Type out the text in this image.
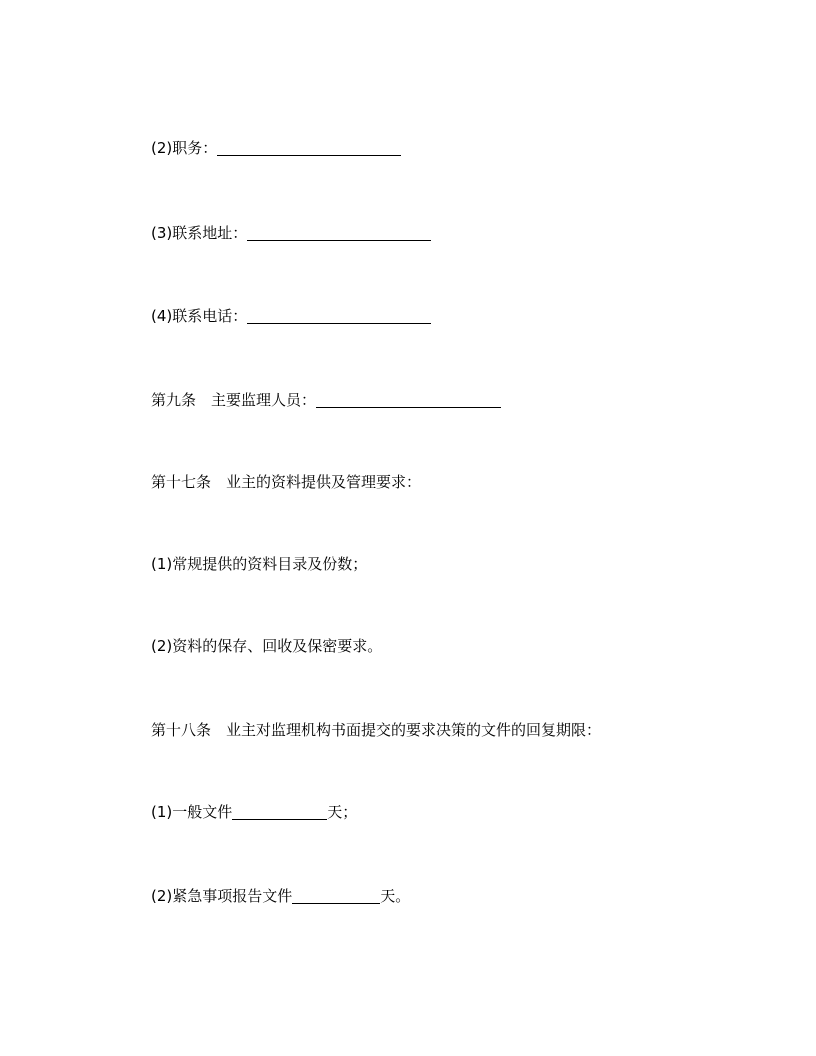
(2)职务：
(3)联系地址：
(4)联系电话：
第九条 主要监理人员：
第十七条 业主的资料提供及管理要求：
(1)常规提供的资料目录及份数；
(2)资料的保存、回收及保密要求。
第十八条 业主对监理机构书面提交的要求决策的文件的回复期限：
(1)一般文件	天；
(2)紧急事项报告文件	天。
